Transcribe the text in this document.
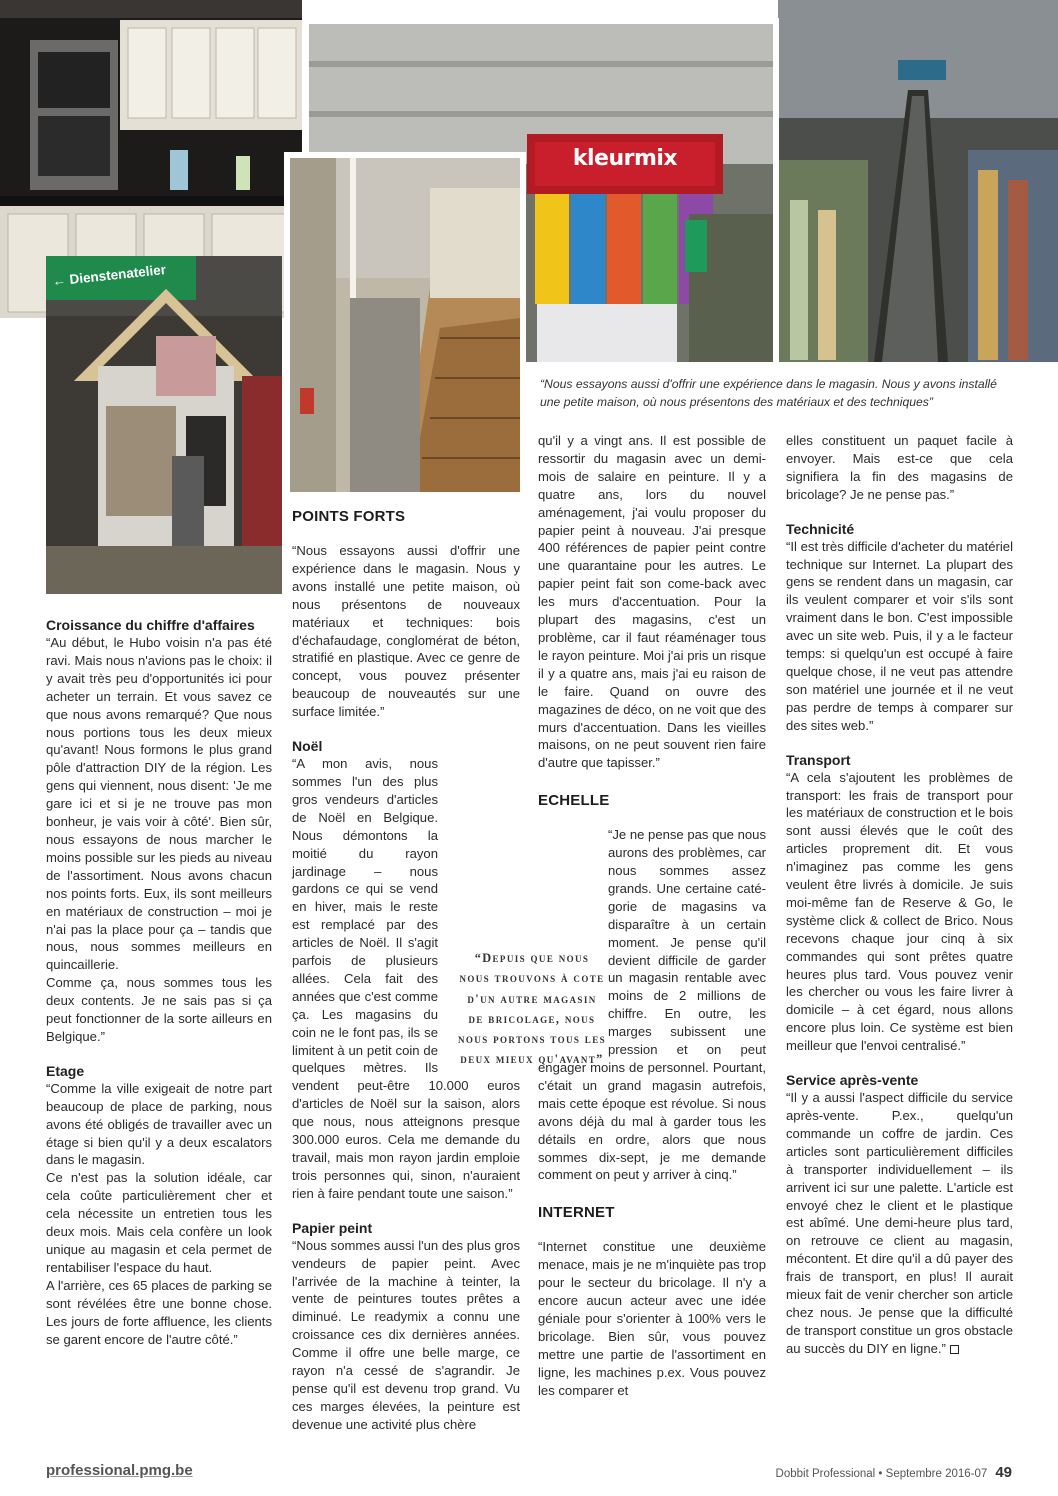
kleurmix
← Dienstenatelier
“Nous essayons aussi d'offrir une expérience dans le magasin. Nous y avons installé une petite maison, où nous présentons des matériaux et des techniques”
Croissance du chiffre d'affaires

“Au début, le Hubo voisin n'a pas été ravi. Mais nous n'avions pas le choix: il y avait très peu d'opportunités ici pour acheter un terrain. Et vous savez ce que nous avons remarqué? Que nous nous portions tous les deux mieux qu'avant! Nous formons le plus grand pôle d'attraction DIY de la région. Les gens qui viennent, nous disent: 'Je me gare ici et si je ne trouve pas mon bonheur, je vais voir à côté'. Bien sûr, nous essayons de nous marcher le moins possible sur les pieds au niveau de l'assortiment. Nous avons chacun nos points forts. Eux, ils sont meilleurs en matériaux de construction – moi je n'ai pas la place pour ça – tandis que nous, nous sommes meilleurs en quincaillerie.

Comme ça, nous sommes tous les deux contents. Je ne sais pas si ça peut fonctionner de la sorte ailleurs en Belgique.”

Etage

“Comme la ville exigeait de notre part beaucoup de place de parking, nous avons été obligés de travailler avec un étage si bien qu'il y a deux escalators dans le magasin.

Ce n'est pas la solution idéale, car cela coûte particulièrement cher et cela nécessite un entretien tous les deux mois. Mais cela confère un look unique au magasin et cela permet de rentabiliser l'espace du haut.

A l'arrière, ces 65 places de parking se sont révélées être une bonne chose. Les jours de forte affluence, les clients se garent encore de l'autre côté.”

POINTS FORTS

“Nous essayons aussi d'offrir une expérience dans le magasin. Nous y avons installé une petite maison, où nous présentons de nouveaux matériaux et techniques: bois d'échafaudage, conglomérat de béton, stratifié en plastique. Avec ce genre de concept, vous pouvez présenter beaucoup de nouveautés sur une surface limitée.”

Noël

“A mon avis, nous sommes l'un des plus gros vendeurs d'articles de Noël en Belgique. Nous démontons la moitié du rayon jardinage – nous gardons ce qui se vend en hiver, mais le reste est remplacé par des articles de Noël. Il s'agit parfois de plusieurs allées. Cela fait des années que c'est comme ça. Les magasins du coin ne le font pas, ils se limitent à un petit coin de quelques mètres. Ils vendent peut-être 10.000 euros d'articles de Noël sur la saison, alors que nous, nous atteignons presque 300.000 euros. Cela me demande du travail, mais mon rayon jardin emploie trois personnes qui, sinon, n'auraient rien à faire pendant toute une saison.”

Papier peint

“Nous sommes aussi l'un des plus gros vendeurs de papier peint. Avec l'arrivée de la machine à teinter, la vente de peintures toutes prêtes a diminué. Le readymix a connu une croissance ces dix dernières années. Comme il offre une belle marge, ce rayon n'a cessé de s'agrandir. Je pense qu'il est devenu trop grand. Vu ces marges élevées, la peinture est devenue une activité plus chère

qu'il y a vingt ans. Il est possible de ressortir du magasin avec un demi-mois de salaire en peinture. Il y a quatre ans, lors du nouvel aménagement, j'ai voulu proposer du papier peint à nouveau. J'ai presque 400 références de papier peint contre une quarantaine pour les autres. Le papier peint fait son come-back avec les murs d'accentuation. Pour la plupart des magasins, c'est un problème, car il faut réaménager tous le rayon peinture. Moi j'ai pris un risque il y a quatre ans, mais j'ai eu raison de le faire. Quand on ouvre des magazines de déco, on ne voit que des murs d'accentuation. Dans les vieilles maisons, on ne peut souvent rien faire d'autre que tapisser.”

ECHELLE

“Je ne pense pas que nous aurons des problèmes, car nous sommes assez grands. Une certaine catégorie de magasins va disparaître à un certain moment. Je pense qu'il devient difficile de garder un magasin rentable avec moins de 2 millions de chiffre. En outre, les marges subissent une pression et on peut engager moins de personnel. Pourtant, c'était un grand magasin autrefois, mais cette époque est révolue. Si nous avons déjà du mal à garder tous les détails en ordre, alors que nous sommes dix-sept, je me demande comment on peut y arriver à cinq.”

INTERNET

“Internet constitue une deuxième menace, mais je ne m'inquiète pas trop pour le secteur du bricolage. Il n'y a encore aucun acteur avec une idée géniale pour s'orienter à 100% vers le bricolage. Bien sûr, vous pouvez mettre une partie de l'assortiment en ligne, les machines p.ex. Vous pouvez les comparer et

elles constituent un paquet facile à envoyer. Mais est-ce que cela signifiera la fin des magasins de bricolage? Je ne pense pas.”

Technicité

“Il est très difficile d'acheter du matériel technique sur Internet. La plupart des gens se rendent dans un magasin, car ils veulent comparer et voir s'ils sont vraiment dans le bon. C'est impossible avec un site web. Puis, il y a le facteur temps: si quelqu'un est occupé à faire quelque chose, il ne veut pas attendre son matériel une journée et il ne veut pas perdre de temps à comparer sur des sites web.”

Transport

“A cela s'ajoutent les problèmes de transport: les frais de transport pour les matériaux de construction et le bois sont aussi élevés que le coût des articles proprement dit. Et vous n'imaginez pas comme les gens veulent être livrés à domicile. Je suis moi-même fan de Reserve & Go, le système click & collect de Brico. Nous recevons chaque jour cinq à six commandes qui sont prêtes quatre heures plus tard. Vous pouvez venir les chercher ou vous les faire livrer à domicile – à cet égard, nous allons encore plus loin. Ce système est bien meilleur que l'envoi centralisé.”

Service après-vente

“Il y a aussi l'aspect difficile du service après-vente. P.ex., quelqu'un commande un coffre de jardin. Ces articles sont particulièrement difficiles à transporter individuellement – ils arrivent ici sur une palette. L'article est envoyé chez le client et le plastique est abîmé. Une demi-heure plus tard, on retrouve ce client au magasin, mécontent. Et dire qu'il a dû payer des frais de transport, en plus! Il aurait mieux fait de venir chercher son article chez nous. Je pense que la difficulté de transport constitue un gros obstacle au succès du DIY en ligne.”

“Depuis que nous nous trouvons à cote d'un autre magasin de bricolage, nous nous portons tous les deux mieux qu'avant”
professional.pmg.be	Dobbit Professional • Septembre 2016-07 49
